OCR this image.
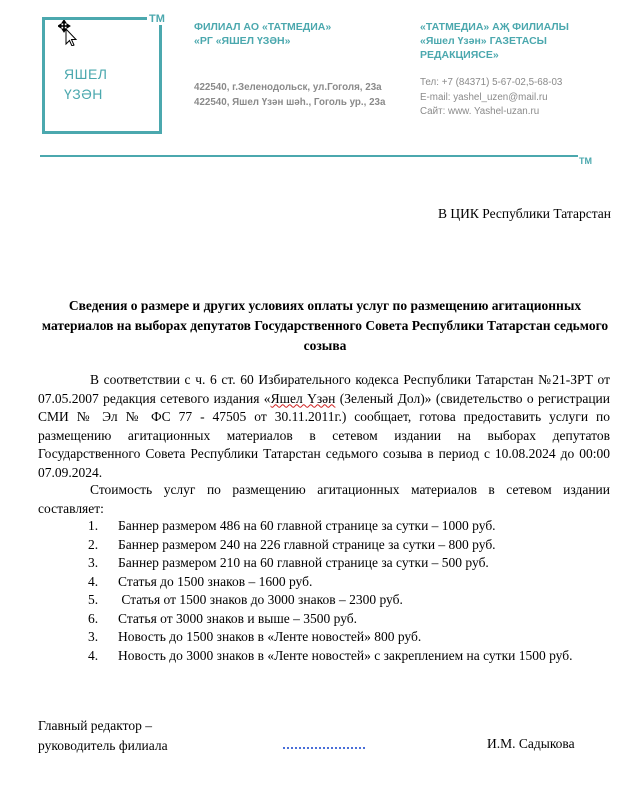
ТМ
ЯШЕЛ
ҮЗӘН
ФИЛИАЛ АО «ТАТМЕДИА»
«РГ «ЯШЕЛ ҮЗӘН»
«ТАТМЕДИА» АҖ ФИЛИАЛЫ
«Яшел Үзән» ГАЗЕТАСЫ
РЕДАКЦИЯСЕ»
422540, г.Зеленодольск, ул.Гоголя, 23а
422540, Яшел Үзән шәһ., Гоголь ур., 23а
Тел: +7 (84371) 5-67-02,5-68-03
E-mail: yashel_uzen@mail.ru
Сайт: www. Yashel-uzan.ru
ТМ
В ЦИК Республики Татарстан
Сведения о размере и других условиях оплаты услуг по размещению агитационных материалов на выборах депутатов Государственного Совета Республики Татарстан седьмого созыва

В соответствии с ч. 6 ст. 60 Избирательного кодекса Республики Татарстан №21-ЗРТ от 07.05.2007 редакция сетевого издания «Яшел Үзән (Зеленый Дол)» (свидетельство о регистрации СМИ № Эл № ФС 77 - 47505 от 30.11.2011г.) сообщает, готова предоставить услуги по размещению агитационных материалов в сетевом издании на выборах депутатов Государственного Совета Республики Татарстан седьмого созыва в период с 10.08.2024 до 00:00 07.09.2024.

Стоимость услуг по размещению агитационных материалов в сетевом издании составляет:

1. Баннер размером 486 на 60 главной странице за сутки – 1000 руб.
2. Баннер размером 240 на 226 главной странице за сутки – 800 руб.
3. Баннер размером 210 на 60 главной странице за сутки – 500 руб.
4. Статья до 1500 знаков – 1600 руб.
5. Статья от 1500 знаков до 3000 знаков – 2300 руб.
6. Статья от 3000 знаков и выше – 3500 руб.
3. Новость до 1500 знаков в «Ленте новостей» 800 руб.
4. Новость до 3000 знаков в «Ленте новостей» с закреплением на сутки 1500 руб.
Главный редактор –
руководитель филиала	И.М. Садыкова
